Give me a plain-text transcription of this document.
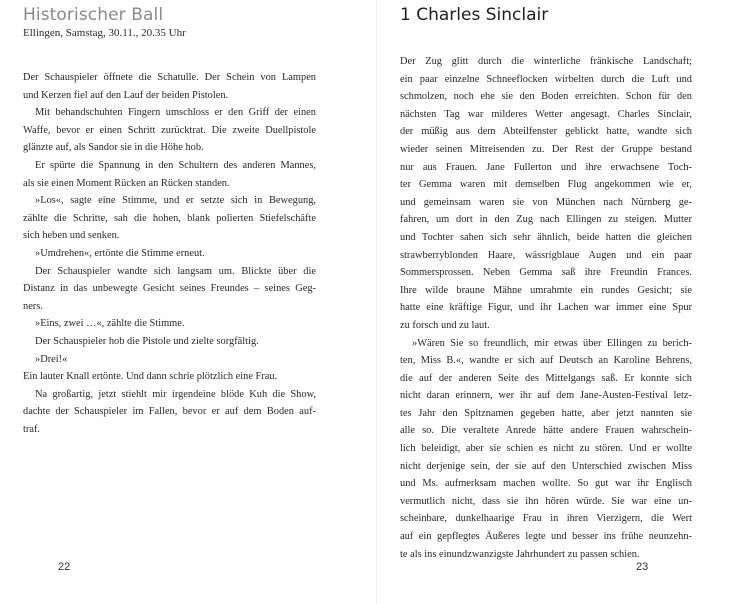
Historischer Ball
Ellingen, Samstag, 30.11., 20.35 Uhr

Der Schauspieler öffnete die Schatulle. Der Schein von Lampen

und Kerzen fiel auf den Lauf der beiden Pistolen.

Mit behandschuhten Fingern umschloss er den Griff der einen

Waffe, bevor er einen Schritt zurücktrat. Die zweite Duellpistole

glänzte auf, als Sandor sie in die Höhe hob.

Er spürte die Spannung in den Schultern des anderen Mannes,

als sie einen Moment Rücken an Rücken standen.

»Los«, sagte eine Stimme, und er setzte sich in Bewegung,

zählte die Schritte, sah die hohen, blank polierten Stiefelschäfte

sich heben und senken.

»Umdrehen«, ertönte die Stimme erneut.

Der Schauspieler wandte sich langsam um. Blickte über die

Distanz in das unbewegte Gesicht seines Freundes – seines Geg-

ners.

»Eins, zwei …«, zählte die Stimme.

Der Schauspieler hob die Pistole und zielte sorgfältig.

»Drei!«

Ein lauter Knall ertönte. Und dann schrie plötzlich eine Frau.

Na großartig, jetzt stiehlt mir irgendeine blöde Kuh die Show,

dachte der Schauspieler im Fallen, bevor er auf dem Boden auf-

traf.

22
1 Charles Sinclair

Der Zug glitt durch die winterliche fränkische Landschaft;

ein paar einzelne Schneeflocken wirbelten durch die Luft und

schmolzen, noch ehe sie den Boden erreichten. Schon für den

nächsten Tag war milderes Wetter angesagt. Charles Sinclair,

der müßig aus dem Abteilfenster geblickt hatte, wandte sich

wieder seinen Mitreisenden zu. Der Rest der Gruppe bestand

nur aus Frauen. Jane Fullerton und ihre erwachsene Toch-

ter Gemma waren mit demselben Flug angekommen wie er,

und gemeinsam waren sie von München nach Nürnberg ge-

fahren, um dort in den Zug nach Ellingen zu steigen. Mutter

und Tochter sahen sich sehr ähnlich, beide hatten die gleichen

strawberryblonden Haare, wässrigblaue Augen und ein paar

Sommersprossen. Neben Gemma saß ihre Freundin Frances.

Ihre wilde braune Mähne umrahmte ein rundes Gesicht; sie

hatte eine kräftige Figur, und ihr Lachen war immer eine Spur

zu forsch und zu laut.

»Wären Sie so freundlich, mir etwas über Ellingen zu berich-

ten, Miss B.«, wandte er sich auf Deutsch an Karoline Behrens,

die auf der anderen Seite des Mittelgangs saß. Er konnte sich

nicht daran erinnern, wer ihr auf dem Jane-Austen-Festival letz-

tes Jahr den Spitznamen gegeben hatte, aber jetzt nannten sie

alle so. Die veraltete Anrede hätte andere Frauen wahrschein-

lich beleidigt, aber sie schien es nicht zu stören. Und er wollte

nicht derjenige sein, der sie auf den Unterschied zwischen Miss

und Ms. aufmerksam machen wollte. So gut war ihr Englisch

vermutlich nicht, dass sie ihn hören würde. Sie war eine un-

scheinbare, dunkelhaarige Frau in ihren Vierzigern, die Wert

auf ein gepflegtes Äußeres legte und besser ins frühe neunzehn-

te als ins einundzwanzigste Jahrhundert zu passen schien.

23
